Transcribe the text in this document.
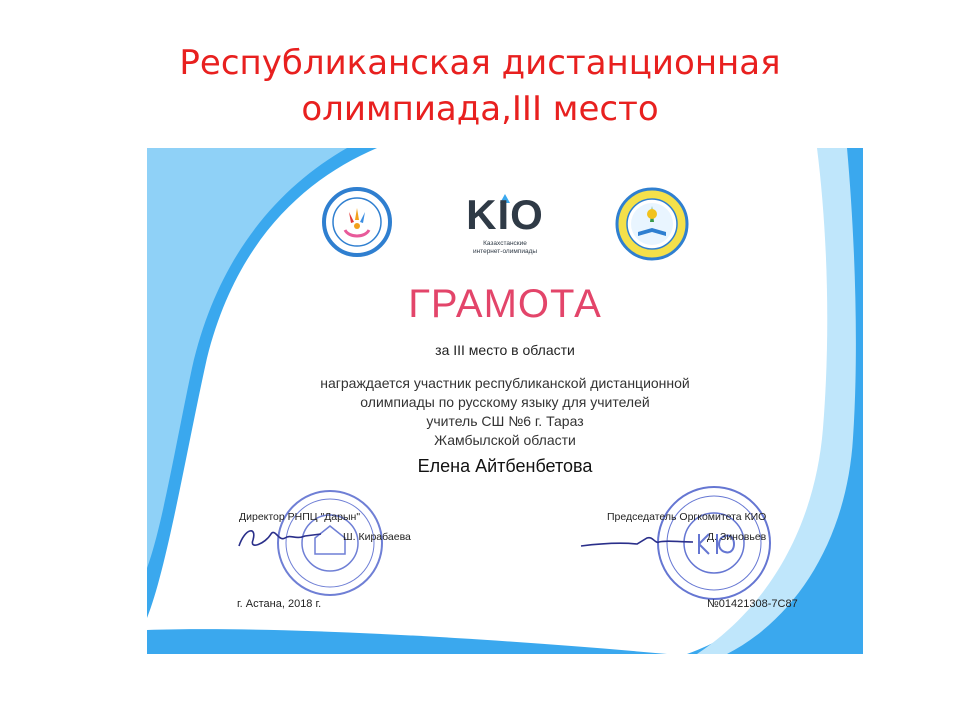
Республиканская дистанционная
олимпиада,III место
KIO
Казахстанские
интернет-олимпиады
ГРАМОТА
за III место в области
награждается участник республиканской дистанционной
олимпиады по русскому языку для учителей
учитель СШ №6 г. Тараз
Жамбылской области
Елена Айтбенбетова
Директор РНПЦ "Дарын"
Ш. Кирабаева
Председатель Оргкомитета КИО
Д. Зиновьев
г. Астана, 2018 г.	№01421308-7C87
